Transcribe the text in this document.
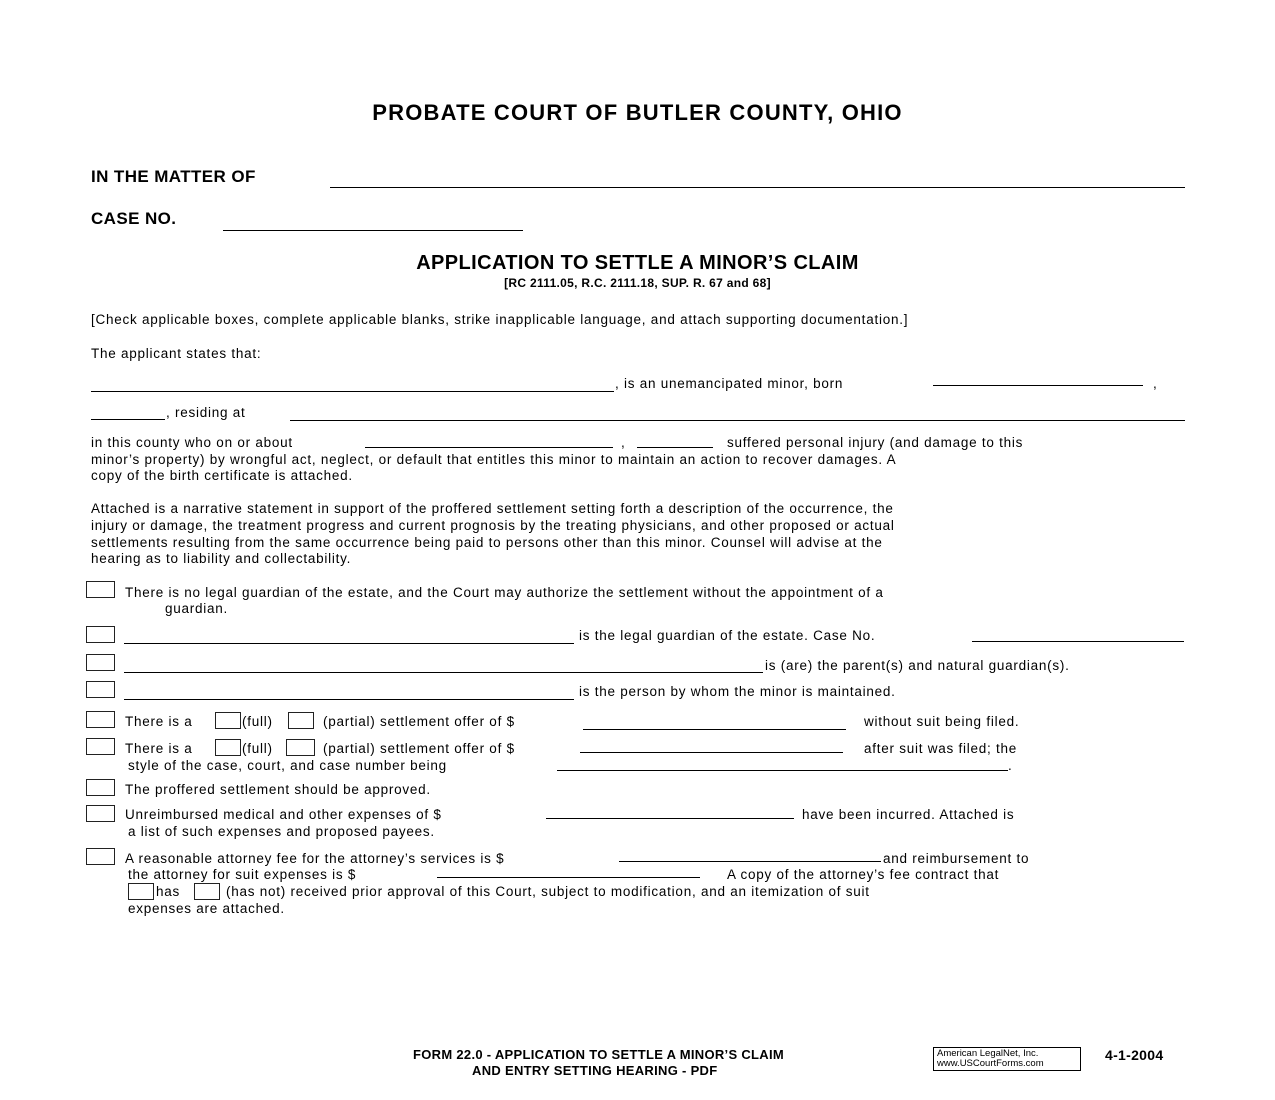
PROBATE COURT OF BUTLER COUNTY, OHIO
IN THE MATTER OF
CASE NO.
APPLICATION TO SETTLE A MINOR’S CLAIM
[RC 2111.05, R.C. 2111.18, SUP. R. 67 and 68]
[Check applicable boxes, complete applicable blanks, strike inapplicable language, and attach supporting documentation.]
The applicant states that:
, is an unemancipated minor, born	,
, residing at
in this county who on or about	,	suffered personal injury (and damage to this
minor’s property) by wrongful act, neglect, or default that entitles this minor to maintain an action to recover damages. A
copy of the birth certificate is attached.
Attached is a narrative statement in support of the proffered settlement setting forth a description of the occurrence, the
injury or damage, the treatment progress and current prognosis by the treating physicians, and other proposed or actual
settlements resulting from the same occurrence being paid to persons other than this minor. Counsel will advise at the
hearing as to liability and collectability.
There is no legal guardian of the estate, and the Court may authorize the settlement without the appointment of a
guardian.
is the legal guardian of the estate. Case No.
is (are) the parent(s) and natural guardian(s).
is the person by whom the minor is maintained.
There is a	(full)	(partial) settlement offer of $	without suit being filed.
There is a	(full)	(partial) settlement offer of $	after suit was filed; the
style of the case, court, and case number being	.
The proffered settlement should be approved.
Unreimbursed medical and other expenses of $	have been incurred. Attached is
a list of such expenses and proposed payees.
A reasonable attorney fee for the attorney’s services is $	and reimbursement to
the attorney for suit expenses is $	A copy of the attorney’s fee contract that
has	(has not) received prior approval of this Court, subject to modification, and an itemization of suit
expenses are attached.
FORM 22.0 - APPLICATION TO SETTLE A MINOR’S CLAIM
AND ENTRY SETTING HEARING - PDF
American LegalNet, Inc.
www.USCourtForms.com
4-1-2004
